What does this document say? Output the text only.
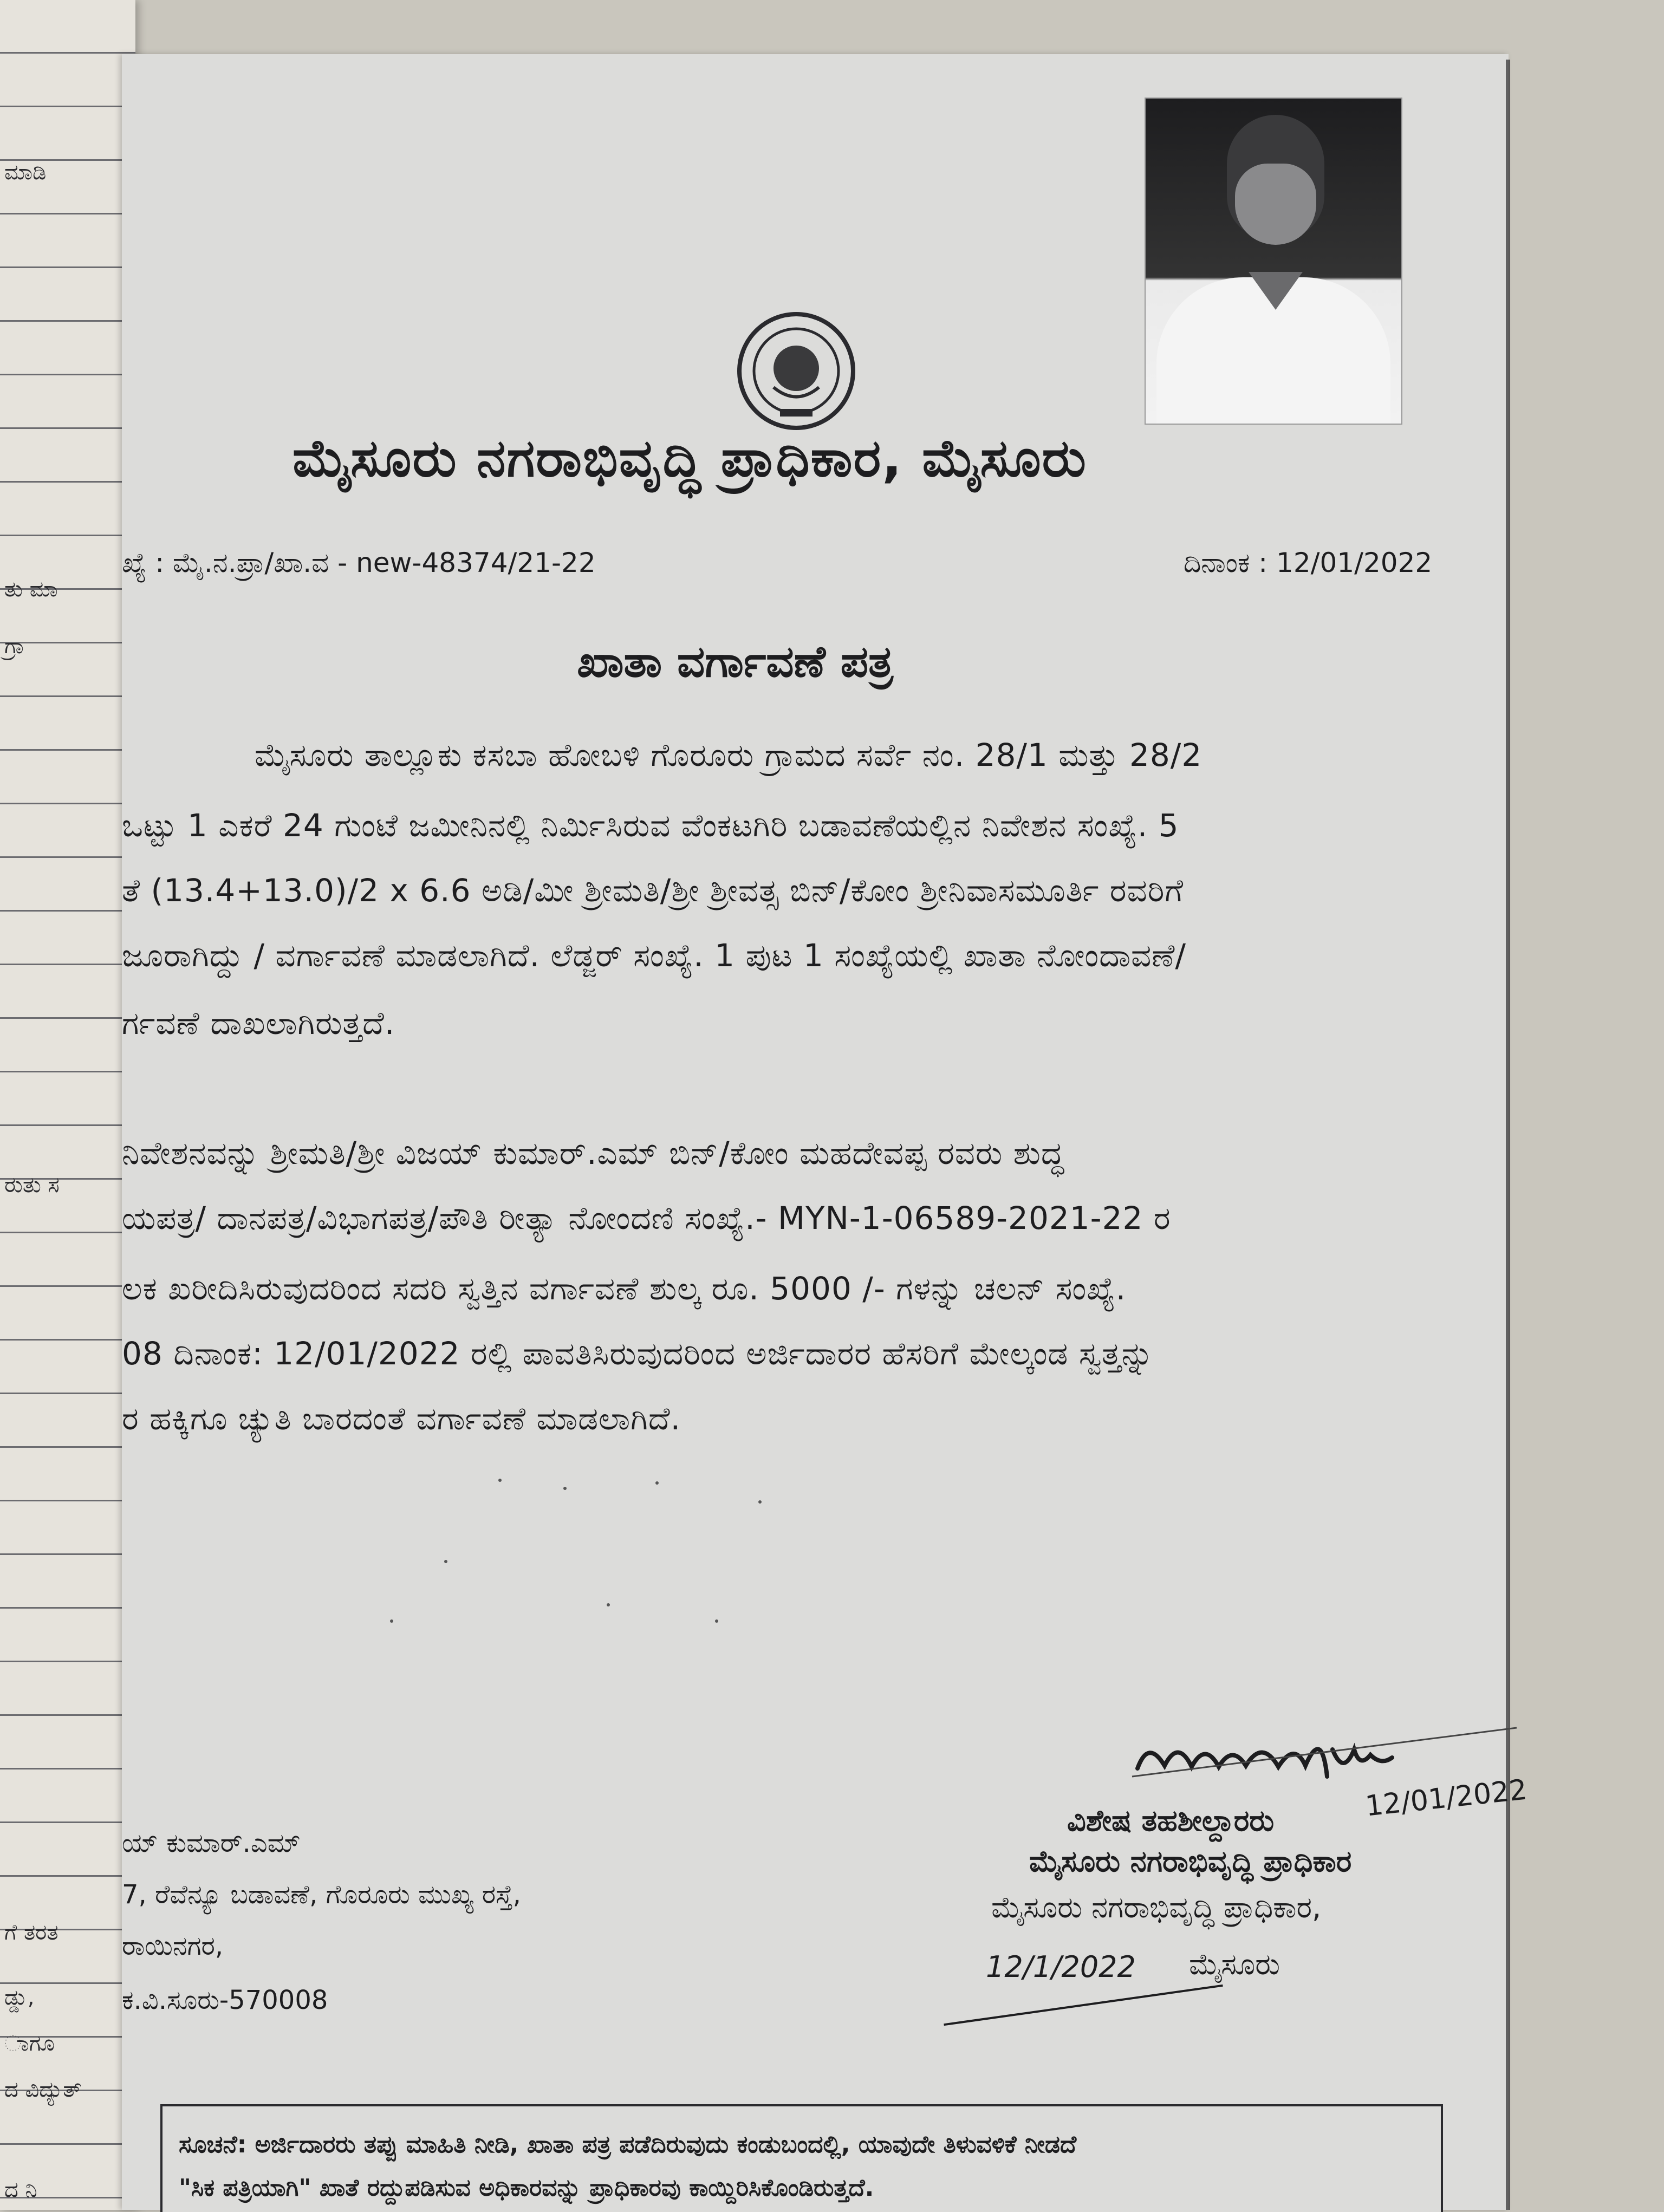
ಮಾಡಿ
ತು ಮಾ
ಗ್ರಾ
ರುತು ಸ
ಗೆ ತರತ
ಡ್ಡು,
ಾಗೂ
ದ ವಿದ್ಯುತ್
ದ ನಿ
ಮೈಸೂರು ನಗರಾಭಿವೃದ್ಧಿ ಪ್ರಾಧಿಕಾರ, ಮೈಸೂರು
ಖ್ಯೆ : ಮೈ.ನ.ಪ್ರಾ/ಖಾ.ವ - new-48374/21-22	ದಿನಾಂಕ : 12/01/2022
ಖಾತಾ ವರ್ಗಾವಣೆ ಪತ್ರ
ಮೈಸೂರು ತಾಲ್ಲೂಕು ಕಸಬಾ ಹೋಬಳಿ ಗೊರೂರು ಗ್ರಾಮದ ಸರ್ವೆ ನಂ. 28/1 ಮತ್ತು 28/2
ಒಟ್ಟು 1 ಎಕರೆ 24 ಗುಂಟೆ ಜಮೀನಿನಲ್ಲಿ ನಿರ್ಮಿಸಿರುವ ವೆಂಕಟಗಿರಿ ಬಡಾವಣೆಯಲ್ಲಿನ ನಿವೇಶನ ಸಂಖ್ಯೆ. 5
ತೆ (13.4+13.0)/2 x 6.6 ಅಡಿ/ಮೀ ಶ್ರೀಮತಿ/ಶ್ರೀ ಶ್ರೀವತ್ಸ ಬಿನ್/ಕೋಂ ಶ್ರೀನಿವಾಸಮೂರ್ತಿ ರವರಿಗೆ
ಜೂರಾಗಿದ್ದು / ವರ್ಗಾವಣೆ ಮಾಡಲಾಗಿದೆ. ಲೆಡ್ಜರ್ ಸಂಖ್ಯೆ. 1 ಪುಟ 1 ಸಂಖ್ಯೆಯಲ್ಲಿ ಖಾತಾ ನೋಂದಾವಣೆ/
ರ್ಗವಣೆ ದಾಖಲಾಗಿರುತ್ತದೆ.
ನಿವೇಶನವನ್ನು ಶ್ರೀಮತಿ/ಶ್ರೀ ವಿಜಯ್ ಕುಮಾರ್.ಎಮ್ ಬಿನ್/ಕೋಂ ಮಹದೇವಪ್ಪ ರವರು ಶುದ್ಧ
ಯಪತ್ರ/ ದಾನಪತ್ರ/ವಿಭಾಗಪತ್ರ/ಪೌತಿ ರೀತ್ಯಾ ನೋಂದಣಿ ಸಂಖ್ಯೆ.- MYN-1-06589-2021-22 ರ
ಲಕ ಖರೀದಿಸಿರುವುದರಿಂದ ಸದರಿ ಸ್ವತ್ತಿನ ವರ್ಗಾವಣೆ ಶುಲ್ಕ ರೂ. 5000 /- ಗಳನ್ನು ಚಲನ್ ಸಂಖ್ಯೆ.
08 ದಿನಾಂಕ: 12/01/2022 ರಲ್ಲಿ ಪಾವತಿಸಿರುವುದರಿಂದ ಅರ್ಜಿದಾರರ ಹೆಸರಿಗೆ ಮೇಲ್ಕಂಡ ಸ್ವತ್ತನ್ನು
ರ ಹಕ್ಕಿಗೂ ಚ್ಯುತಿ ಬಾರದಂತೆ ವರ್ಗಾವಣೆ ಮಾಡಲಾಗಿದೆ.
12/01/2022
ವಿಶೇಷ ತಹಶೀಲ್ದಾರರು
ಮೈಸೂರು ನಗರಾಭಿವೃದ್ಧಿ ಪ್ರಾಧಿಕಾರ
ಮೈಸೂರು ನಗರಾಭಿವೃದ್ಧಿ ಪ್ರಾಧಿಕಾರ,
12/1/2022 ಮೈಸೂರು
ಯ್ ಕುಮಾರ್.ಎಮ್
7, ರೆವೆನ್ಯೂ ಬಡಾವಣೆ, ಗೊರೂರು ಮುಖ್ಯ ರಸ್ತೆ,
ರಾಯಿನಗರ,
ಕ.ವಿ.ಸೂರು-570008
ಸೂಚನೆ: ಅರ್ಜಿದಾರರು ತಪ್ಪು ಮಾಹಿತಿ ನೀಡಿ, ಖಾತಾ ಪತ್ರ ಪಡೆದಿರುವುದು ಕಂಡುಬಂದಲ್ಲಿ, ಯಾವುದೇ ತಿಳುವಳಿಕೆ ನೀಡದೆ
"ಸಿಕ ಪತ್ರಿಯಾಗಿ" ಖಾತೆ ರದ್ದುಪಡಿಸುವ ಅಧಿಕಾರವನ್ನು ಪ್ರಾಧಿಕಾರವು ಕಾಯ್ದಿರಿಸಿಕೊಂಡಿರುತ್ತದೆ.
